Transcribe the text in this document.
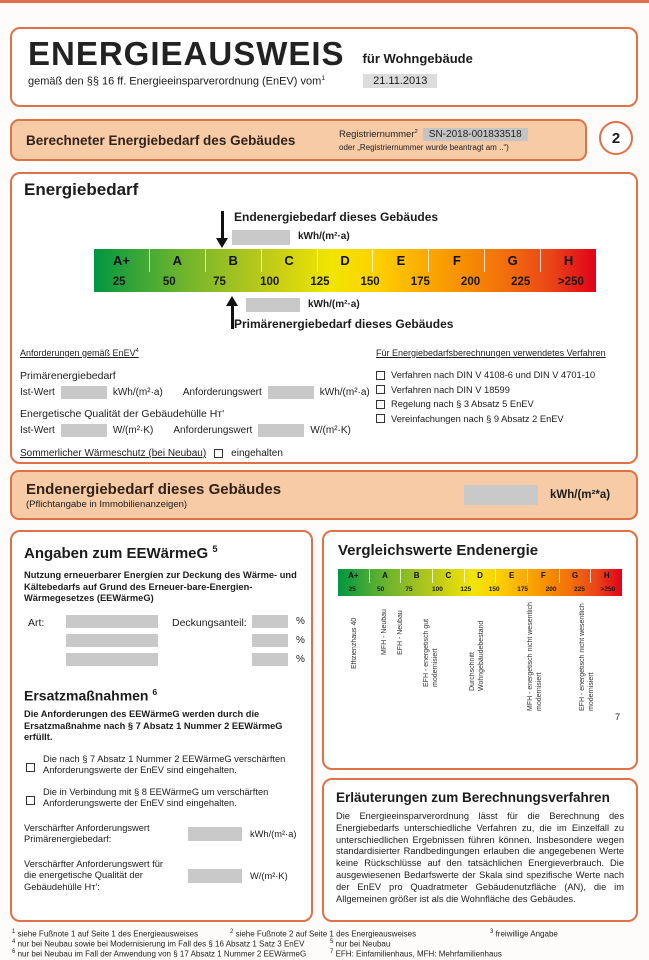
ENERGIEAUSWEIS für Wohngebäude
gemäß den §§ 16 ff. Energieeinsparverordnung (EnEV) vom$^1$	21.11.2013
Berechneter Energiebedarf des Gebäudes	Registriernummer$^2$	SN-2018-001833518
oder „Registriernummer wurde beantragt am ..“)
2
Energiebedarf
Endenergiebedarf dieses Gebäudes
kWh/(m²·a)
A+	A	B	C	D	E	F	G	H
25	50	75	100	125	150	175	200	225	>250
kWh/(m²·a)
Primärenergiebedarf dieses Gebäudes
Anforderungen gemäß EnEV$^4$	Für Energiebedarfsberechnungen verwendetes Verfahren
Primärenergiebedarf
Ist-Wert	kWh/(m²·a) Anforderungswert	kWh/(m²·a)
Energetische Qualität der Gebäudehülle Hᴛ'
Ist-Wert	W/(m²·K) Anforderungswert	W/(m²·K)
Sommerlicher Wärmeschutz (bei Neubau)	eingehalten
Verfahren nach DIN V 4108-6 und DIN V 4701-10
Verfahren nach DIN V 18599
Regelung nach § 3 Absatz 5 EnEV
Vereinfachungen nach § 9 Absatz 2 EnEV
Endenergiebedarf dieses Gebäudes
(Pflichtangabe in Immobilienanzeigen)
kWh/(m²*a)
Angaben zum EEWärmeG $^5$
Nutzung erneuerbarer Energien zur Deckung des Wärme- und Kältebedarfs auf Grund des Erneuer-bare-Energien-Wärmegesetzes (EEWärmeG)
Art:	Deckungsanteil:	%
%
%
Ersatzmaßnahmen $^6$
Die Anforderungen des EEWärmeG werden durch die Ersatzmaßnahme nach § 7 Absatz 1 Nummer 2 EEWärmeG erfüllt.
Die nach § 7 Absatz 1 Nummer 2 EEWärmeG verschärften Anforderungswerte der EnEV sind eingehalten.
Die in Verbindung mit § 8 EEWärmeG um verschärften Anforderungswerte der EnEV sind eingehalten.
Verschärfter Anforderungswert Primärenergiebedarf:	kWh/(m²·a)
Verschärfter Anforderungswert für die energetische Qualität der Gebäudehülle Hᴛ':
W/(m²·K)
Vergleichswerte Endenergie
A+	A	B	C	D	E	F	G	H
25	50	75	100	125	150	175	200	225	>250
Effizienzhaus 40	MFH - Neubau EFH - Neubau	EFH - energetisch gut modernisiert	Durchschnitt Wohngebäudebestand	MFH - energetisch nicht wesentlich modernisiert	EFH - energetisch nicht wesentlich modernisiert
7
Erläuterungen zum Berechnungsverfahren
Die Energieeinsparverordnung lässt für die Berechnung des Energiebedarfs unterschiedliche Verfahren zu, die im Einzelfall zu unterschiedlichen Ergebnissen führen können. Insbesondere wegen standardisierter Randbedingungen erlauben die angegebenen Werte keine Rückschlüsse auf den tatsächlichen Energieverbrauch. Die ausgewiesenen Bedarfswerte der Skala sind spezifische Werte nach der EnEV pro Quadratmeter Gebäudenutzfläche (AN), die im Allgemeinen größer ist als die Wohnfläche des Gebäudes.
$^1$ siehe Fußnote 1 auf Seite 1 des Energieausweises	$^2$ siehe Fußnote 2 auf Seite 1 des Energieausweises	$^3$ freiwillige Angabe
$^4$ nur bei Neubau sowie bei Modernisierung im Fall des § 16 Absatz 1 Satz 3 EnEV	$^5$ nur bei Neubau
$^6$ nur bei Neubau im Fall der Anwendung von § 17 Absatz 1 Nummer 2 EEWärmeG	$^7$ EFH: Einfamilienhaus, MFH: Mehrfamilienhaus
